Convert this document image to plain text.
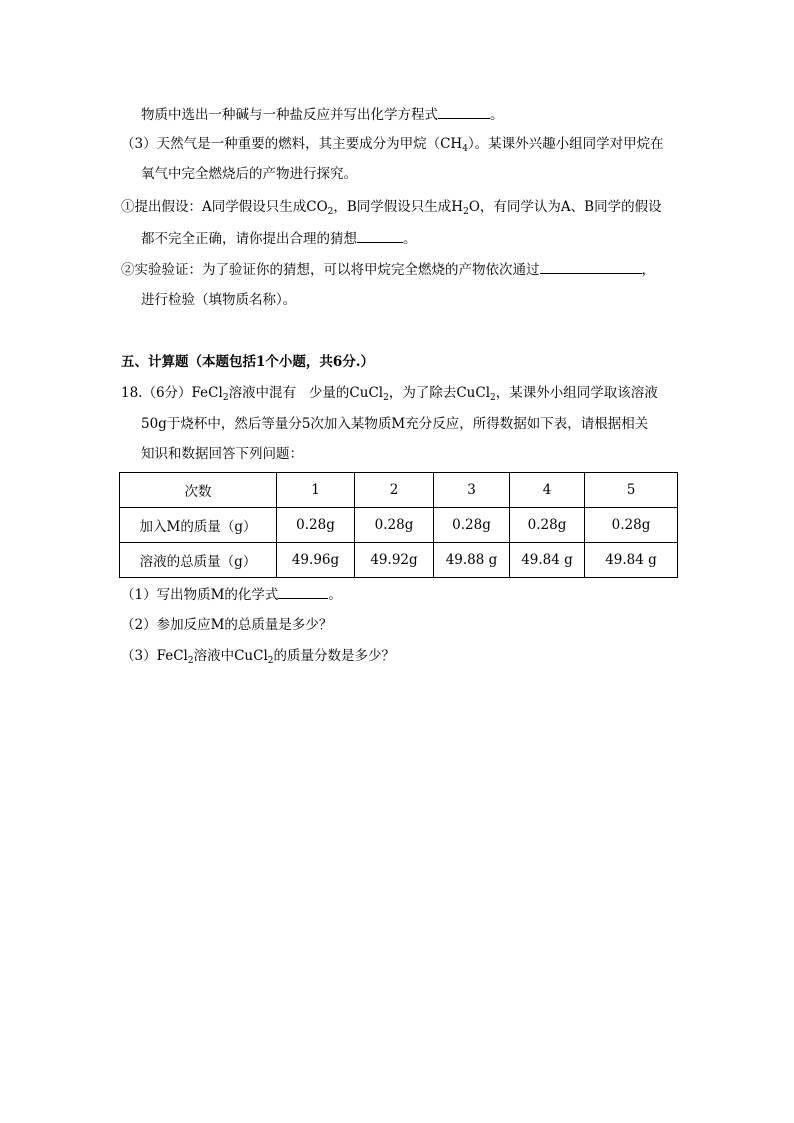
物质中选出一种碱与一种盐反应并写出化学方程式	。
（3）天然气是一种重要的燃料，其主要成分为甲烷$(CH_4)$。某课外兴趣小组同学对甲烷在
氧气中完全燃烧后的产物进行探究。
①提出假设：A同学假设只生成$CO_2$，B同学假设只生成$H_2O$，有同学认为A、B同学的假设
都不完全正确，请你提出合理的猜想	。
②实验验证：为了验证你的猜想，可以将甲烷完全燃烧的产物依次通过	，
进行检验（填物质名称）。
五、计算题（本题包括1个小题，共6分.）
18.（6分）FeCl$_2$溶液中混有   少量的CuCl$_2$，为了除去CuCl$_2$，某课外小组同学取该溶液
50g于烧杯中，然后等量分5次加入某物质M充分反应，所得数据如下表，请根据相关
知识和数据回答下列问题：
次数	1	2	3	4	5
加入M的质量（g）	0.28g	0.28g	0.28g	0.28g	0.28g
溶液的总质量（g）	49.96g	49.92g	49.88 g	49.84 g	49.84 g
（1）写出物质M的化学式	。
（2）参加反应M的总质量是多少？
（3）FeCl$_2$溶液中CuCl$_2$的质量分数是多少？
